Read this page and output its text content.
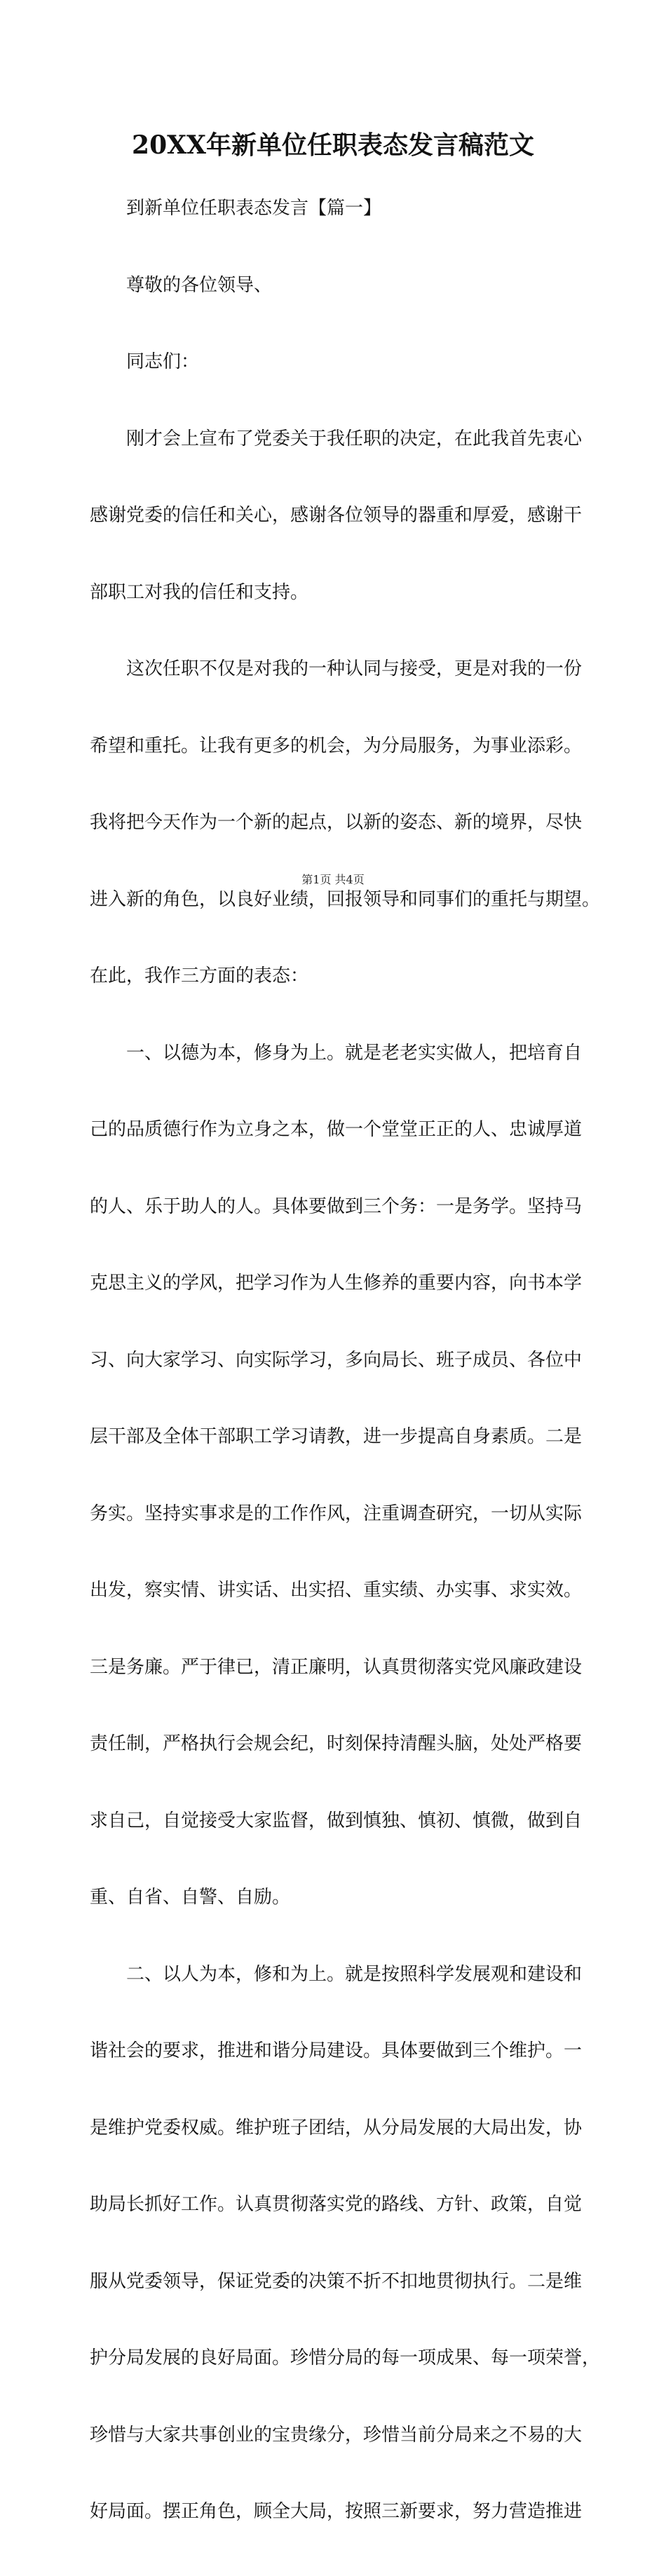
20XX年新单位任职表态发言稿范文

到新单位任职表态发言【篇一】

尊敬的各位领导、

同志们：

刚才会上宣布了党委关于我任职的决定，在此我首先衷心

感谢党委的信任和关心，感谢各位领导的器重和厚爱，感谢干

部职工对我的信任和支持。

这次任职不仅是对我的一种认同与接受，更是对我的一份

希望和重托。让我有更多的机会，为分局服务，为事业添彩。

我将把今天作为一个新的起点，以新的姿态、新的境界，尽快

进入新的角色，以良好业绩，回报领导和同事们的重托与期望。

在此，我作三方面的表态：

一、以德为本，修身为上。就是老老实实做人，把培育自

己的品质德行作为立身之本，做一个堂堂正正的人、忠诚厚道

的人、乐于助人的人。具体要做到三个务：一是务学。坚持马

克思主义的学风，把学习作为人生修养的重要内容，向书本学

习、向大家学习、向实际学习，多向局长、班子成员、各位中

层干部及全体干部职工学习请教，进一步提高自身素质。二是

务实。坚持实事求是的工作作风，注重调查研究，一切从实际

出发，察实情、讲实话、出实招、重实绩、办实事、求实效。

三是务廉。严于律已，清正廉明，认真贯彻落实党风廉政建设

责任制，严格执行会规会纪，时刻保持清醒头脑，处处严格要

求自己，自觉接受大家监督，做到慎独、慎初、慎微，做到自

重、自省、自警、自励。

二、以人为本，修和为上。就是按照科学发展观和建设和

谐社会的要求，推进和谐分局建设。具体要做到三个维护。一

是维护党委权威。维护班子团结，从分局发展的大局出发，协

助局长抓好工作。认真贯彻落实党的路线、方针、政策，自觉

服从党委领导，保证党委的决策不折不扣地贯彻执行。二是维

护分局发展的良好局面。珍惜分局的每一项成果、每一项荣誉，

珍惜与大家共事创业的宝贵缘分，珍惜当前分局来之不易的大

好局面。摆正角色，顾全大局，按照三新要求，努力营造推进

第1页 共4页
